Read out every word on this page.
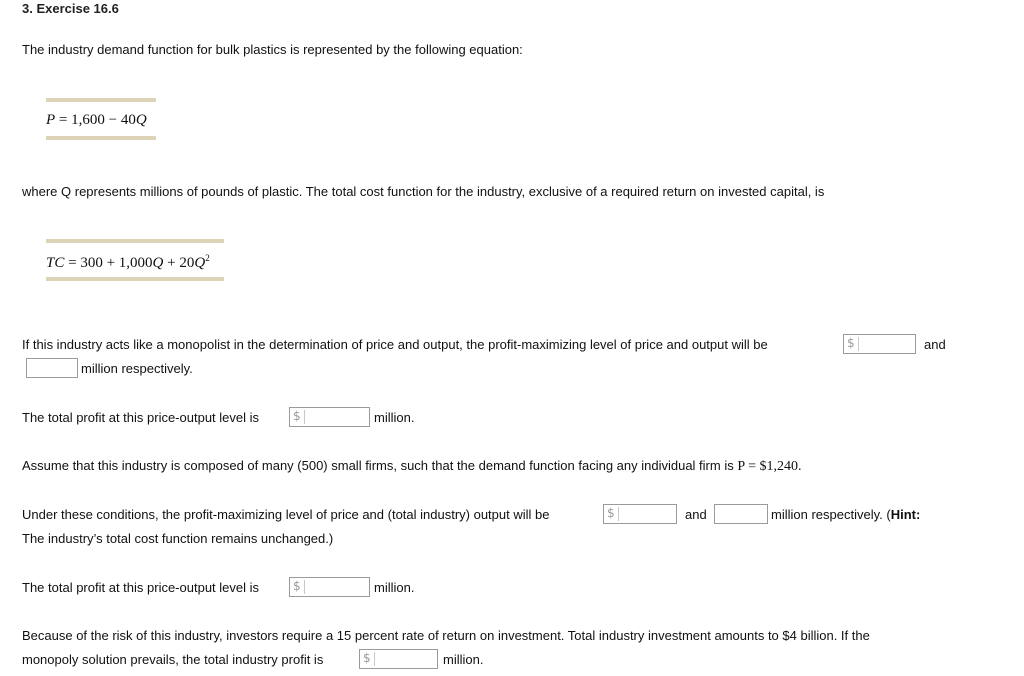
3. Exercise 16.6
The industry demand function for bulk plastics is represented by the following equation:
P = 1,600 − 40Q
where Q represents millions of pounds of plastic. The total cost function for the industry, exclusive of a required return on invested capital, is
TC = $300 + 1,000Q + 20Q^2$
If this industry acts like a monopolist in the determination of price and output, the profit-maximizing level of price and output will be	$	and
million respectively.
The total profit at this price-output level is	$	million.
Assume that this industry is composed of many (500) small firms, such that the demand function facing any individual firm is P = $1,240.
Under these conditions, the profit-maximizing level of price and (total industry) output will be	$	and	million respectively. (Hint:
The industry’s total cost function remains unchanged.)
The total profit at this price-output level is	$	million.
Because of the risk of this industry, investors require a 15 percent rate of return on investment. Total industry investment amounts to $4 billion. If the
monopoly solution prevails, the total industry profit is	$	million.
